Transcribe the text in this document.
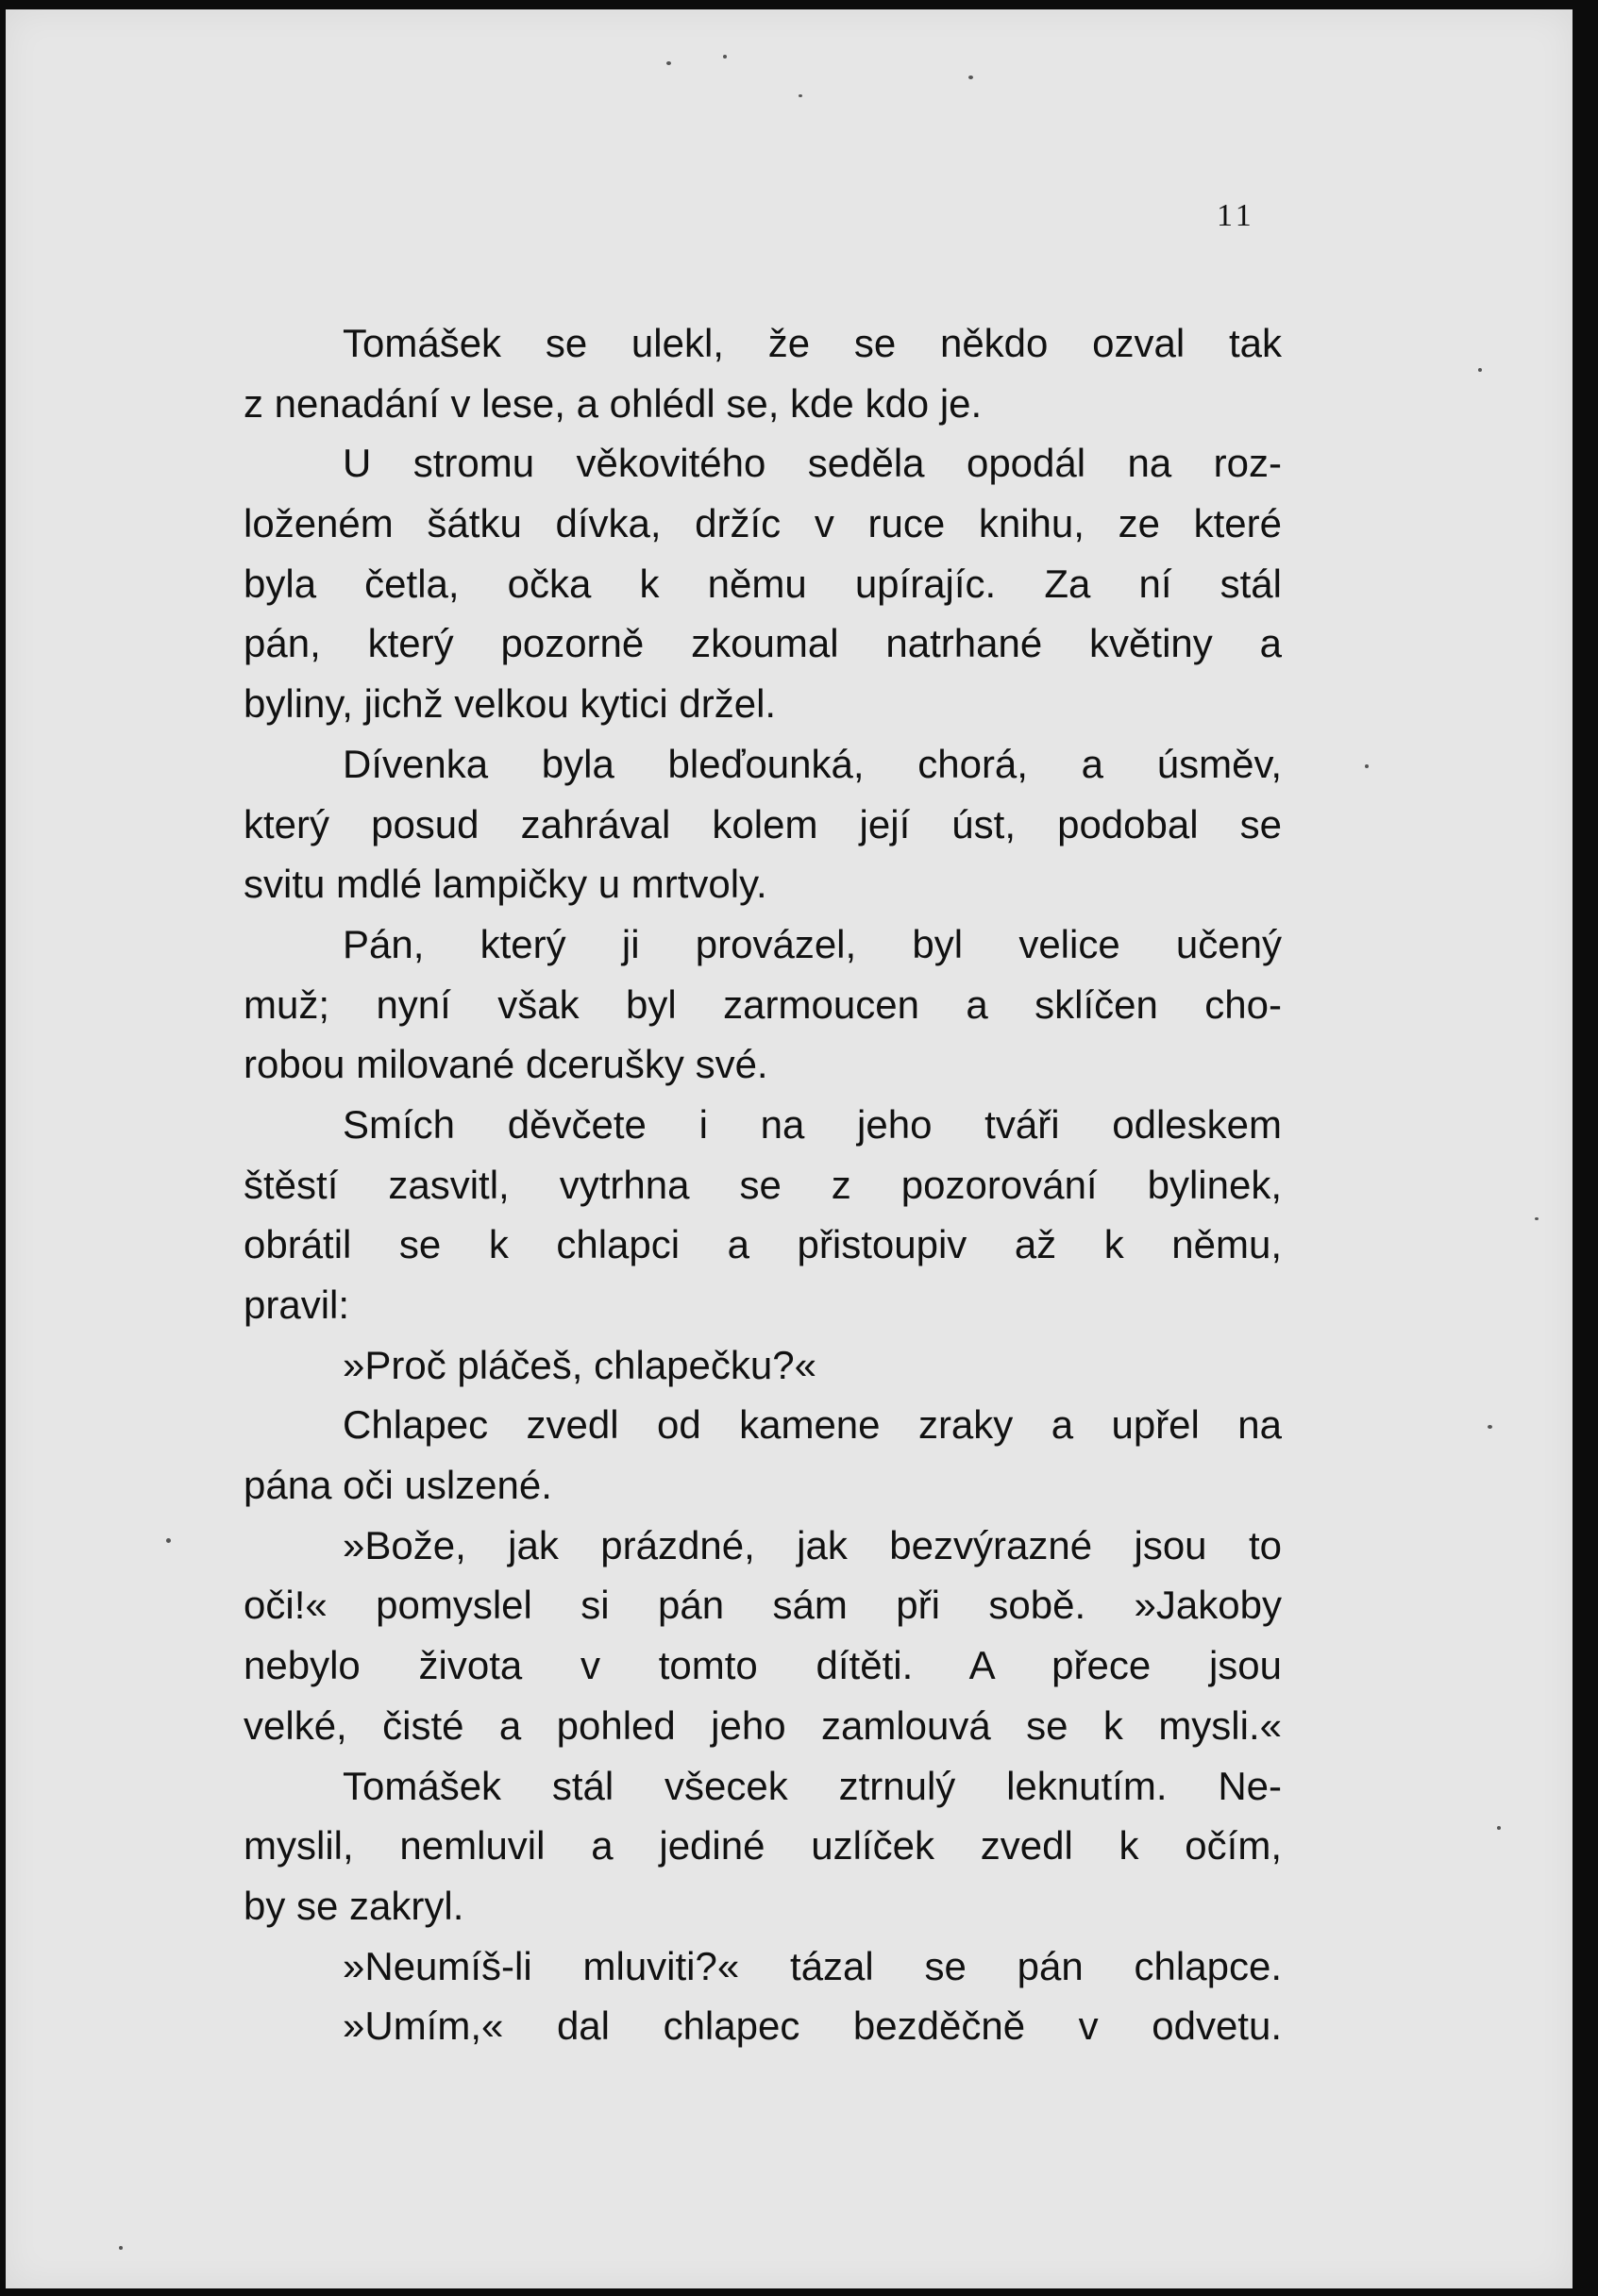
11

Tomášek se ulekl, že se někdo ozval tak
z nenadání v lese, a ohlédl se, kde kdo je.
U stromu věkovitého seděla opodál na roz-
loženém šátku dívka, držíc v ruce knihu, ze které
byla četla, očka k němu upírajíc. Za ní stál
pán, který pozorně zkoumal natrhané květiny a
byliny, jichž velkou kytici držel.
Dívenka byla bleďounká, chorá, a úsměv,
který posud zahrával kolem její úst, podobal se
svitu mdlé lampičky u mrtvoly.
Pán, který ji provázel, byl velice učený
muž; nyní však byl zarmoucen a sklíčen cho-
robou milované dcerušky své.
Smích děvčete i na jeho tváři odleskem
štěstí zasvitl, vytrhna se z pozorování bylinek,
obrátil se k chlapci a přistoupiv až k němu,
pravil:
»Proč pláčeš, chlapečku?«
Chlapec zvedl od kamene zraky a upřel na
pána oči uslzené.
»Bože, jak prázdné, jak bezvýrazné jsou to
oči!« pomyslel si pán sám při sobě. »Jakoby
nebylo života v tomto dítěti. A přece jsou
velké, čisté a pohled jeho zamlouvá se k mysli.«
Tomášek stál všecek ztrnulý leknutím. Ne-
myslil, nemluvil a jediné uzlíček zvedl k očím,
by se zakryl.
»Neumíš-li mluviti?« tázal se pán chlapce.
»Umím,« dal chlapec bezděčně v odvetu.
